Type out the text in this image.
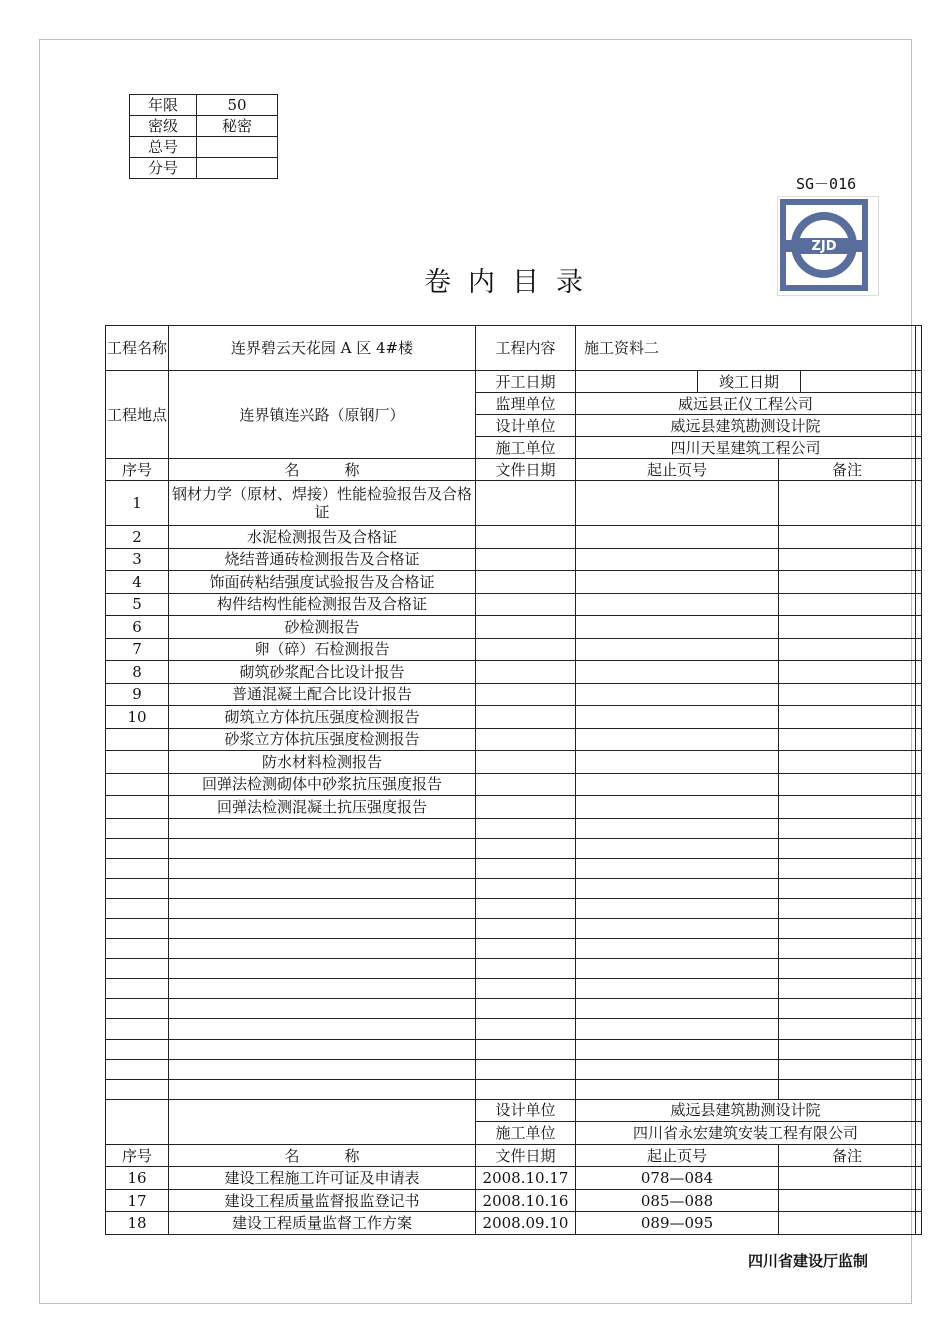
年限	50
密级	秘密
总号	
分号	
SG－016
ZJD
卷内目录
工程名称	连界碧云天花园 A 区 4#楼	工程内容	施工资料二				
工程地点	连界镇连兴路（原钢厂）	开工日期		竣工日期			
		监理单位	威远县正仪工程公司				
		设计单位	威远县建筑勘测设计院				
		施工单位	四川天星建筑工程公司				
序号	名　　　称	文件日期	起止页号		备注		
1	钢材力学（原材、焊接）性能检验报告及合格证						
2	水泥检测报告及合格证						
3	烧结普通砖检测报告及合格证						
4	饰面砖粘结强度试验报告及合格证						
5	构件结构性能检测报告及合格证						
6	砂检测报告						
7	卵（碎）石检测报告						
8	砌筑砂浆配合比设计报告						
9	普通混凝土配合比设计报告						
10	砌筑立方体抗压强度检测报告						
	砂浆立方体抗压强度检测报告						
	防水材料检测报告						
	回弹法检测砌体中砂浆抗压强度报告						
	回弹法检测混凝土抗压强度报告						

		设计单位	威远县建筑勘测设计院				
		施工单位	四川省永宏建筑安装工程有限公司				
序号	名　　　称	文件日期	起止页号		备注		
16	建设工程施工许可证及申请表	2008.10.17	078—084				
17	建设工程质量监督报监登记书	2008.10.16	085—088				
18	建设工程质量监督工作方案	2008.09.10	089—095				
四川省建设厅监制
